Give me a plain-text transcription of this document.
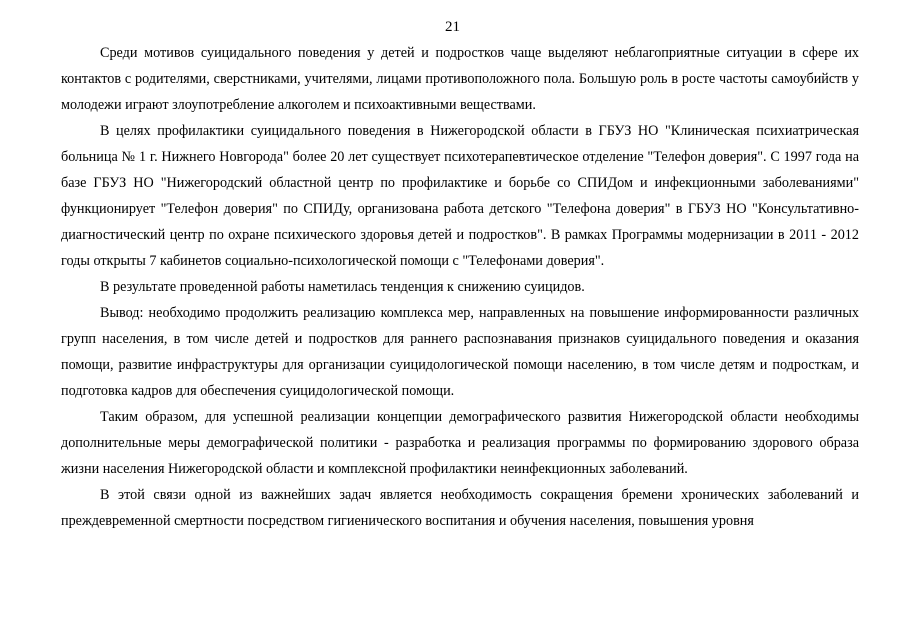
21

Среди мотивов суицидального поведения у детей и подростков чаще выделяют неблагоприятные ситуации в сфере их контактов с родителями, сверстниками, учителями, лицами противоположного пола. Большую роль в росте частоты самоубийств у молодежи играют злоупотребление алкоголем и психоактивными веществами.

В целях профилактики суицидального поведения в Нижегородской области в ГБУЗ НО "Клиническая психиатрическая больница № 1 г. Нижнего Новгорода" более 20 лет существует психотерапевтическое отделение "Телефон доверия". С 1997 года на базе ГБУЗ НО "Нижегородский областной центр по профилактике и борьбе со СПИДом и инфекционными заболеваниями" функционирует "Телефон доверия" по СПИДу, организована работа детского "Телефона доверия" в ГБУЗ НО "Консультативно-диагностический центр по охране психического здоровья детей и подростков". В рамках Программы модернизации в 2011 - 2012 годы открыты 7 кабинетов социально-психологической помощи с "Телефонами доверия".

В результате проведенной работы наметилась тенденция к снижению суицидов.

Вывод: необходимо продолжить реализацию комплекса мер, направленных на повышение информированности различных групп населения, в том числе детей и подростков для раннего распознавания признаков суицидального поведения и оказания помощи, развитие инфраструктуры для организации суицидологической помощи населению, в том числе детям и подросткам, и подготовка кадров для обеспечения суицидологической помощи.

Таким образом, для успешной реализации концепции демографического развития Нижегородской области необходимы дополнительные меры демографической политики - разработка и реализация программы по формированию здорового образа жизни населения Нижегородской области и комплексной профилактики неинфекционных заболеваний.

В этой связи одной из важнейших задач является необходимость сокращения бремени хронических заболеваний и преждевременной смертности посредством гигиенического воспитания и обучения населения, повышения уровня
